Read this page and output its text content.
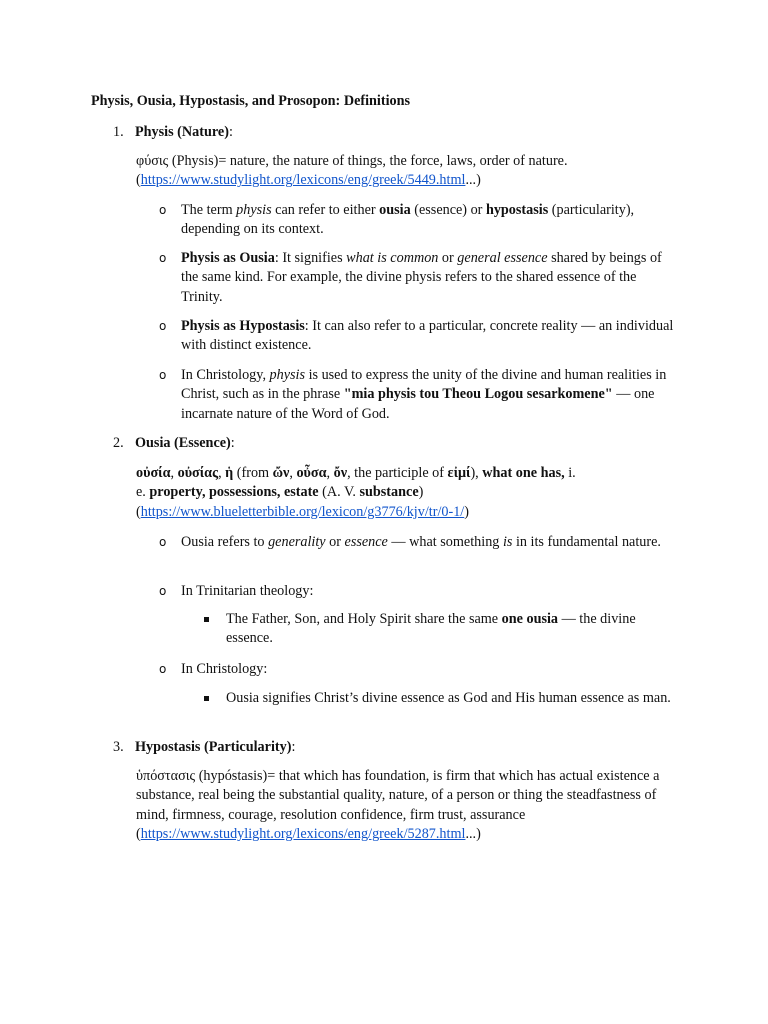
Physis, Ousia, Hypostasis, and Prosopon: Definitions

1. Physis (Nature):

φύσις (Physis)= nature, the nature of things, the force, laws, order of nature.
(https://www.studylight.org/lexicons/eng/greek/5449.html...)

o The term physis can refer to either ousia (essence) or hypostasis (particularity), depending on its context.

o Physis as Ousia: It signifies what is common or general essence shared by beings of the same kind. For example, the divine physis refers to the shared essence of the Trinity.

o Physis as Hypostasis: It can also refer to a particular, concrete reality — an individual with distinct existence.

o In Christology, physis is used to express the unity of the divine and human realities in Christ, such as in the phrase "mia physis tou Theou Logou sesarkomene" — one incarnate nature of the Word of God.

2. Ousia (Essence):

οὐσία, οὐσίας, ἡ (from ὤν, οὖσα, ὄν, the participle of εἰμί), what one has, i.
e. property, possessions, estate (A. V. substance)
(https://www.blueletterbible.org/lexicon/g3776/kjv/tr/0-1/)

o Ousia refers to generality or essence — what something is in its fundamental nature.

o In Trinitarian theology:

The Father, Son, and Holy Spirit share the same one ousia — the divine essence.

o In Christology:

Ousia signifies Christ’s divine essence as God and His human essence as man.

3. Hypostasis (Particularity):

ὑπόστασις (hypóstasis)= that which has foundation, is firm that which has actual existence a substance, real being the substantial quality, nature, of a person or thing the steadfastness of mind, firmness, courage, resolution confidence, firm trust, assurance
(https://www.studylight.org/lexicons/eng/greek/5287.html...)
